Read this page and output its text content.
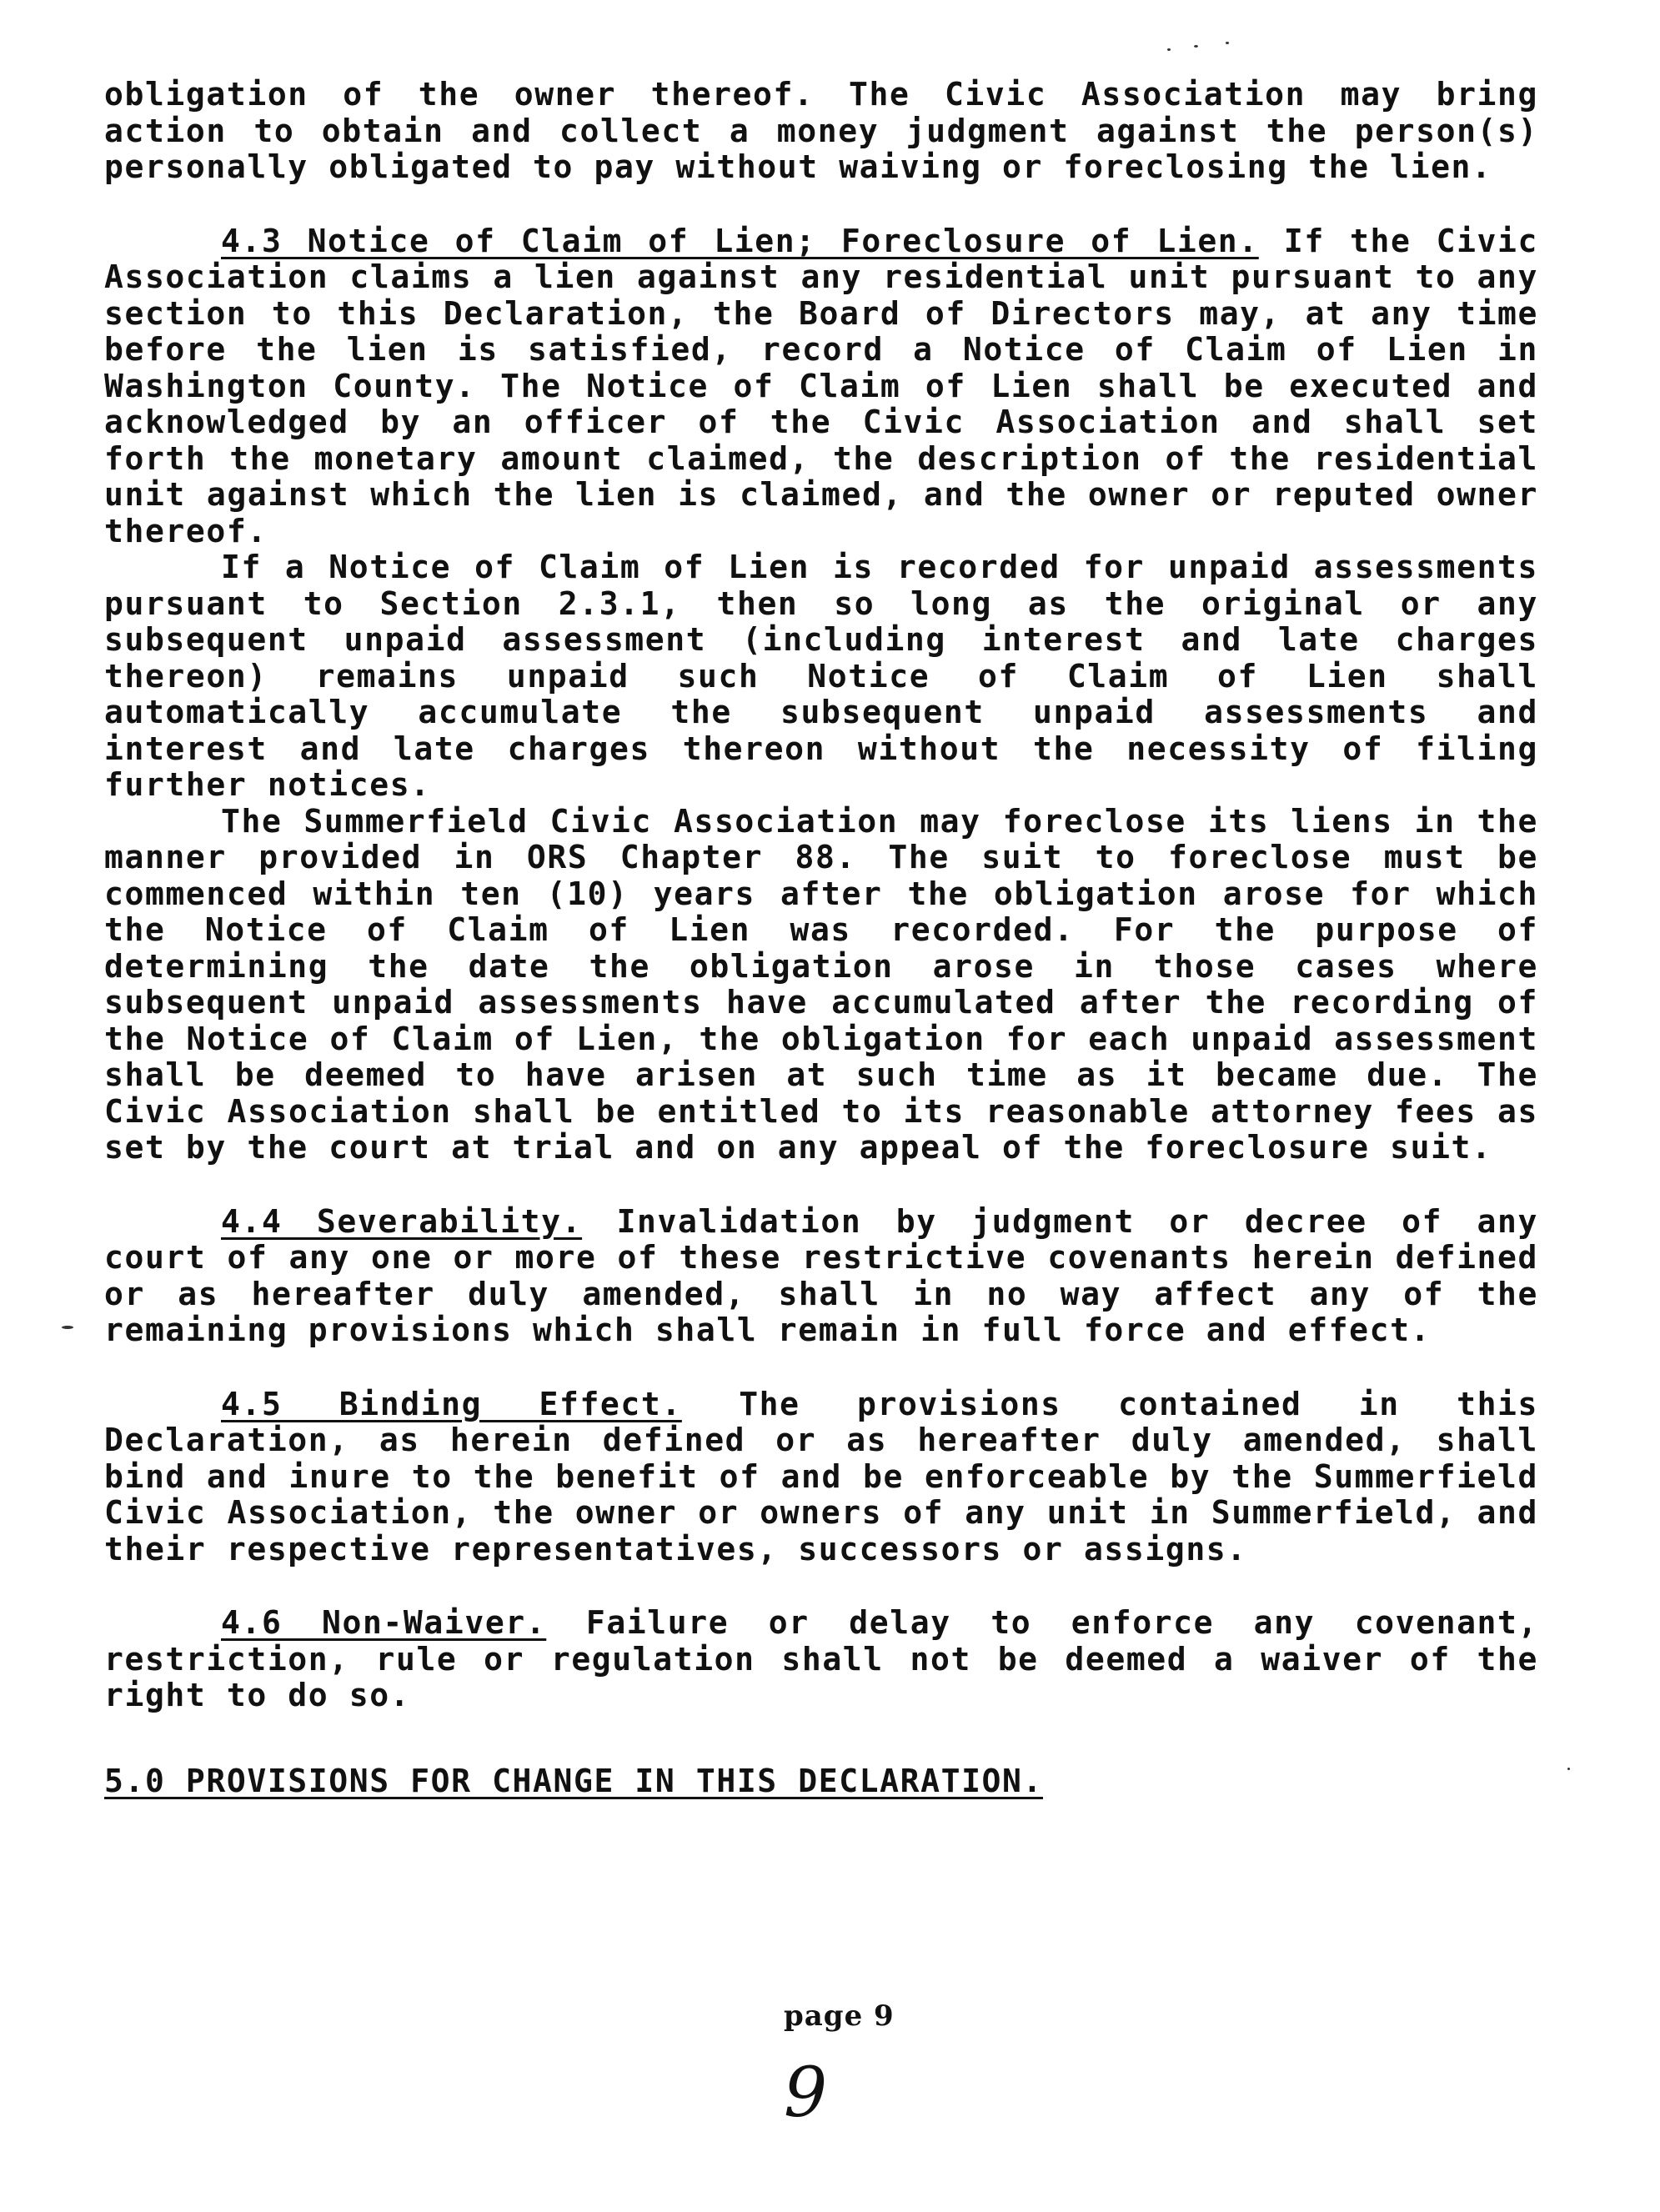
obligation of the owner thereof. The Civic Association may bring action to obtain and collect a money judgment against the person(s) personally obligated to pay without waiving or foreclosing the lien.

4.3 Notice of Claim of Lien; Foreclosure of Lien. If the Civic Association claims a lien against any residential unit pursuant to any section to this Declaration, the Board of Directors may, at any time before the lien is satisfied, record a Notice of Claim of Lien in Washington County. The Notice of Claim of Lien shall be executed and acknowledged by an officer of the Civic Association and shall set forth the monetary amount claimed, the description of the residential unit against which the lien is claimed, and the owner or reputed owner thereof.

If a Notice of Claim of Lien is recorded for unpaid assessments pursuant to Section 2.3.1, then so long as the original or any subsequent unpaid assessment (including interest and late charges thereon) remains unpaid such Notice of Claim of Lien shall automatically accumulate the subsequent unpaid assessments and interest and late charges thereon without the necessity of filing further notices.

The Summerfield Civic Association may foreclose its liens in the manner provided in ORS Chapter 88. The suit to foreclose must be commenced within ten (10) years after the obligation arose for which the Notice of Claim of Lien was recorded. For the purpose of determining the date the obligation arose in those cases where subsequent unpaid assessments have accumulated after the recording of the Notice of Claim of Lien, the obligation for each unpaid assessment shall be deemed to have arisen at such time as it became due. The Civic Association shall be entitled to its reasonable attorney fees as set by the court at trial and on any appeal of the foreclosure suit.

4.4 Severability. Invalidation by judgment or decree of any court of any one or more of these restrictive covenants herein defined or as hereafter duly amended, shall in no way affect any of the remaining provisions which shall remain in full force and effect.

4.5 Binding Effect. The provisions contained in this Declaration, as herein defined or as hereafter duly amended, shall bind and inure to the benefit of and be enforceable by the Summerfield Civic Association, the owner or owners of any unit in Summerfield, and their respective representatives, successors or assigns.

4.6 Non-Waiver. Failure or delay to enforce any covenant, restriction, rule or regulation shall not be deemed a waiver of the right to do so.

5.0 PROVISIONS FOR CHANGE IN THIS DECLARATION.
page 9
9
